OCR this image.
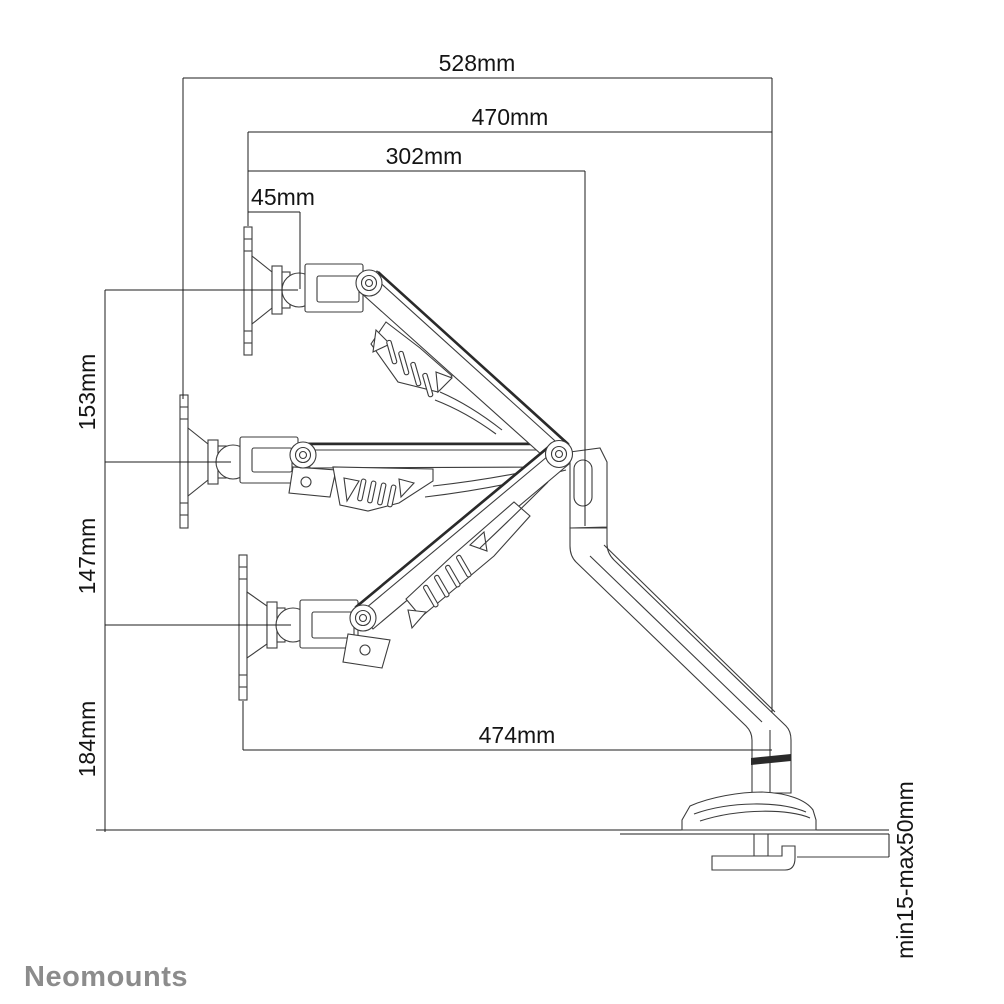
528mm
470mm
302mm
45mm
153mm
147mm
184mm	474mm
min15-max50mm
Neomounts
